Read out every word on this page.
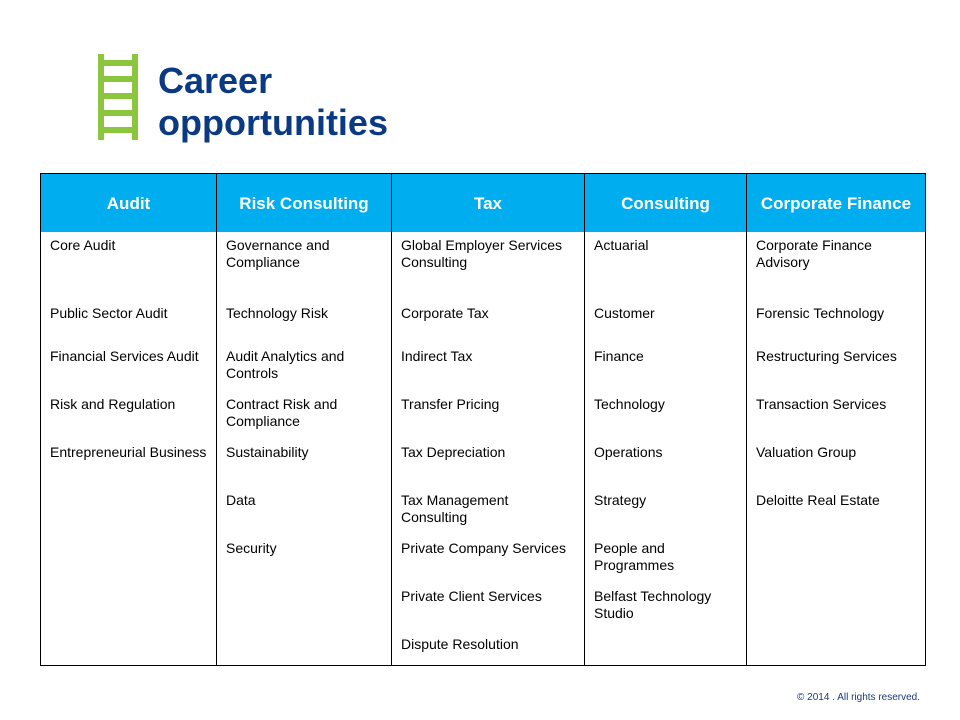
Career
opportunities
Audit	Risk Consulting	Tax	Consulting	Corporate Finance
Core Audit	Governance and Compliance	Global Employer Services Consulting	Actuarial	Corporate Finance Advisory
Public Sector Audit	Technology Risk	Corporate Tax	Customer	Forensic Technology
Financial Services Audit	Audit Analytics and Controls	Indirect Tax	Finance	Restructuring Services
Risk and Regulation	Contract Risk and Compliance	Transfer Pricing	Technology	Transaction Services
Entrepreneurial Business	Sustainability	Tax Depreciation	Operations	Valuation Group
	Data	Tax Management Consulting	Strategy	Deloitte Real Estate
	Security	Private Company Services	People and Programmes	
		Private Client Services	Belfast Technology Studio	
		Dispute Resolution		
© 2014 . All rights reserved.
